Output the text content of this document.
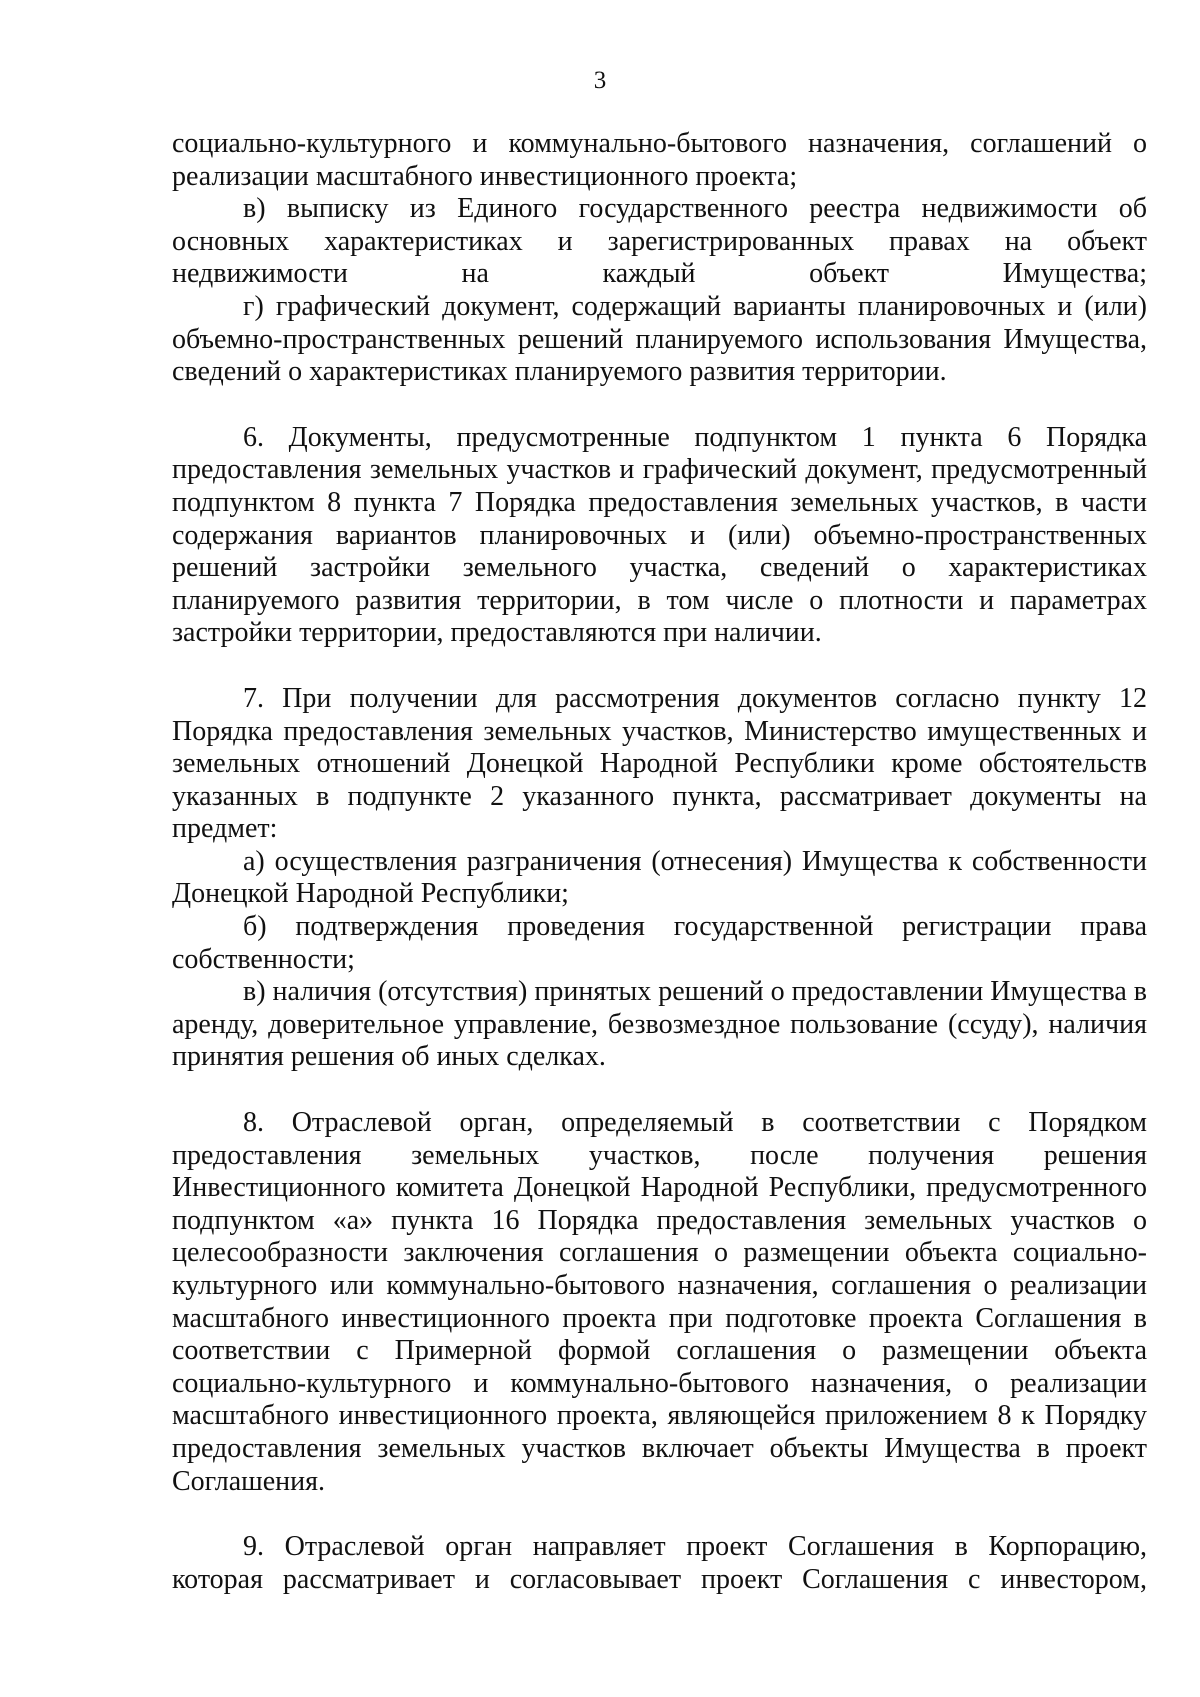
3

социально-культурного и коммунально-бытового назначения, соглашений о реализации масштабного инвестиционного проекта;

в) выписку из Единого государственного реестра недвижимости об основных характеристиках и зарегистрированных правах на объект недвижимости на каждый объект Имущества;

г) графический документ, содержащий варианты планировочных и (или) объемно-пространственных решений планируемого использования Имущества, сведений о характеристиках планируемого развития территории.

6. Документы, предусмотренные подпунктом 1 пункта 6 Порядка предоставления земельных участков и графический документ, предусмотренный подпунктом 8 пункта 7 Порядка предоставления земельных участков, в части содержания вариантов планировочных и (или) объемно-пространственных решений застройки земельного участка, сведений о характеристиках планируемого развития территории, в том числе о плотности и параметрах застройки территории, предоставляются при наличии.

7. При получении для рассмотрения документов согласно пункту 12 Порядка предоставления земельных участков, Министерство имущественных и земельных отношений Донецкой Народной Республики кроме обстоятельств указанных в подпункте 2 указанного пункта, рассматривает документы на предмет:

а) осуществления разграничения (отнесения) Имущества к собственности Донецкой Народной Республики;

б) подтверждения проведения государственной регистрации права собственности;

в) наличия (отсутствия) принятых решений о предоставлении Имущества в аренду, доверительное управление, безвозмездное пользование (ссуду), наличия принятия решения об иных сделках.

8. Отраслевой орган, определяемый в соответствии с Порядком предоставления земельных участков, после получения решения Инвестиционного комитета Донецкой Народной Республики, предусмотренного подпунктом «а» пункта 16 Порядка предоставления земельных участков о целесообразности заключения соглашения о размещении объекта социально-культурного или коммунально-бытового назначения, соглашения о реализации масштабного инвестиционного проекта при подготовке проекта Соглашения в соответствии с Примерной формой соглашения о размещении объекта социально-культурного и коммунально-бытового назначения, о реализации масштабного инвестиционного проекта, являющейся приложением 8 к Порядку предоставления земельных участков включает объекты Имущества в проект Соглашения.

9. Отраслевой орган направляет проект Соглашения в Корпорацию, которая рассматривает и согласовывает проект Соглашения с инвестором,
